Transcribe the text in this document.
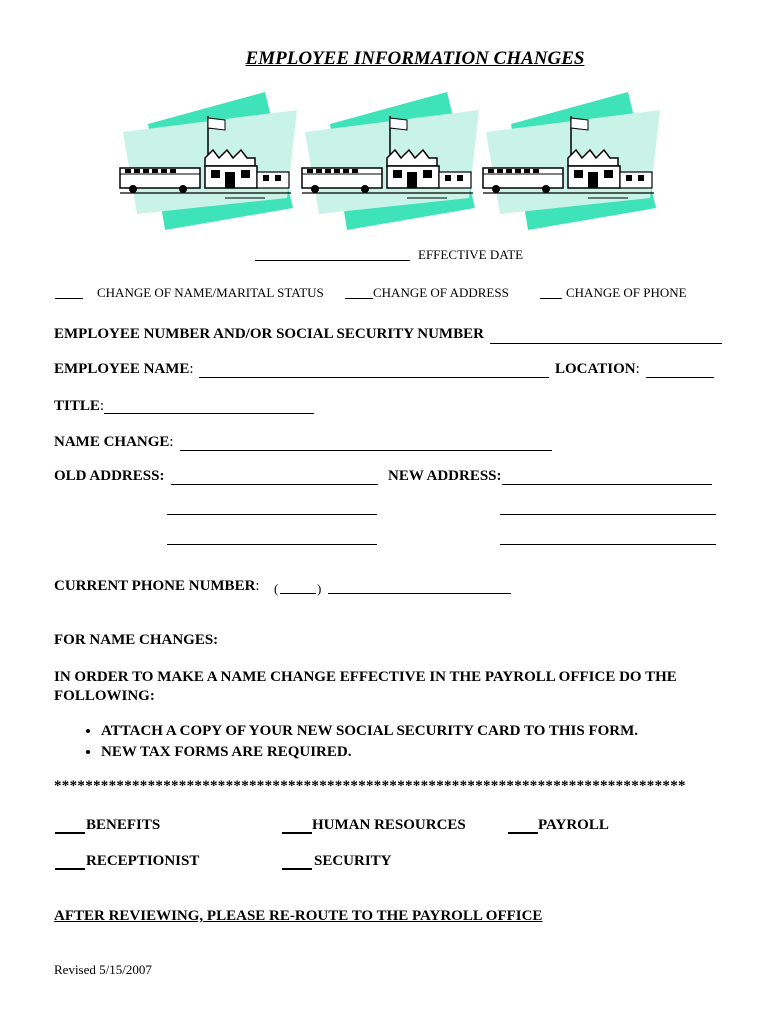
EMPLOYEE INFORMATION CHANGES
EFFECTIVE DATE
CHANGE OF NAME/MARITAL STATUS	CHANGE OF ADDRESS	CHANGE OF PHONE
EMPLOYEE NUMBER AND/OR SOCIAL SECURITY NUMBER
EMPLOYEE NAME:	LOCATION:
TITLE:
NAME CHANGE:
OLD ADDRESS:	NEW ADDRESS:
CURRENT PHONE NUMBER: (	)
FOR NAME CHANGES:
IN ORDER TO MAKE A NAME CHANGE EFFECTIVE IN THE PAYROLL OFFICE DO THE
FOLLOWING:
• ATTACH A COPY OF YOUR NEW SOCIAL SECURITY CARD TO THIS FORM.
• NEW TAX FORMS ARE REQUIRED.
*********************************************************************************
BENEFITS	HUMAN RESOURCES	PAYROLL
RECEPTIONIST	SECURITY
AFTER REVIEWING, PLEASE RE-ROUTE TO THE PAYROLL OFFICE
Revised 5/15/2007
